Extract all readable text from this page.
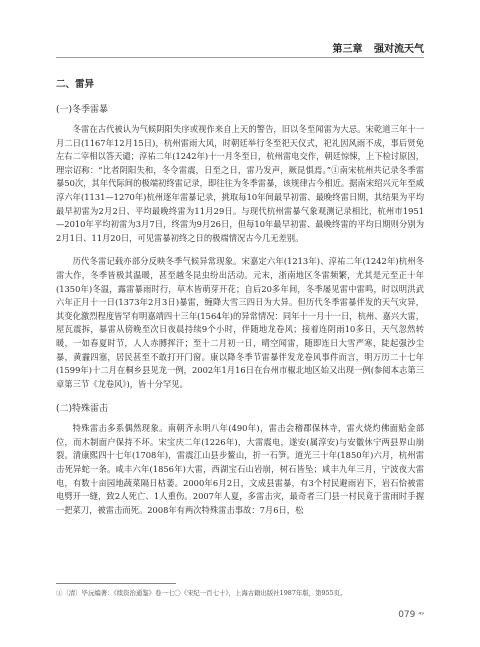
第三章 强对流天气
二、雷异
(一)冬季雷暴

冬雷在古代被认为气候阴阳失序或视作来自上天的警告，旧以冬至闻雷为大忌。宋乾道三年十一月二日(1167年12月15日)，杭州雷雨大风，时朝廷举行冬至祀天仪式，祀礼因风雨不成，事后贤免左右二宰相以答天谴；淳祐二年(1242年)十一月冬至日，杭州雷电交作，朝廷惊悚，上下检讨原因，理宗诏称：“比者阴阳失和，冬令雷震，日至之日，雷乃发声，厥昆惧焉。”①南宋杭州共记录冬季雷暴50次，其年代际间的极端初终雷记录，即往往为冬季雷暴，该规律古今相近。据南宋绍兴元年至咸淳六年(1131—1270年)杭州逐年雷暴记录，挑取每10年间最早初雷、最晚终雷日期，其结果为平均最早初雷为2月2日、平均最晚终雷为11月29日。与现代杭州雷暴气象观测记录相比，杭州市1951—2010年平均初雷为3月7日，终雷为9月26日，但每10年最早初雷、最晚终雷的平均日期则分别为2月1日、11月20日，可见雷暴初终之日的极端情况古今几无差别。

历代冬雷记载亦部分反映冬季气候异常现象。宋嘉定六年(1213年)、淳祐二年(1242年)杭州冬雷大作，冬季皆极其温暖，甚至越冬昆虫纷出活动。元末，浙南地区冬雷频繁，尤其是元至正十年(1350年)冬温，露雷暴雨时行，草木皆萌芽开花；自后20多年间，冬季屡见雷中雷鸣，时以明洪武六年正月十一日(1373年2月3日)暴雷，缠降大雪三四日为大异。但历代冬季雷暴伴发的天气灾异，其变化激烈程度皆罕有明嘉靖四十三年(1564年)的异常情况：同年十一月十一日，杭州、嘉兴大雷，屋瓦震拆，暴雷从傍晚至次日夜晨持续9个小时，伴随地龙卷风；接着连阴雨10多日，天气忽然转暖，一如春夏时节，人人赤膊挥汗；至十二月初一日，晴空闻雷，随即连日大雪严寒，陡起强沙尘暴，黄霾四塞，居民甚至不敢打开门窗。康以降冬季节雷暴伴发龙卷风事件而言，明万历二十七年(1599年)十二月在桐乡县见龙一例，2002年1月16日在台州市椒北地区始又出现一例(参阅本志第三章第三节《龙卷风》)，皆十分罕见。

(二)特殊雷击

特殊雷击多系偶然现象。南朝齐永明八年(490年)，雷击会稽郡保林寺，雷火烧灼佛面贴金部位，而木制面户保持不坏。宋宝庆二年(1226年)，大雷震电，遂安(属淳安)与安徽休宁两县界山崩裂。清康熙四十七年(1708年)，雷震江山县步鳌山，折一石笋。道光三十年(1850年)六月，杭州雷击死异蛇一条。咸丰六年(1856年)大雷，西湖宝石山岩崩，树石皆坠；咸丰九年三月，宁波夜大雷电，有数十亩园地蔬菜隔日枯萎。2000年6月2日，文成县雷暴，有3个村民避雨岩下，岩石恰被雷电劈开一缝，致2人死亡、1人重伤。2007年人夏，多雷击灾，最奇者三门县一村民竟于雷雨时手握一把菜刀，被雷击而死。2008年有两次特殊雷击事故：7月6日，松

①〔清〕毕沅编著：《续资治通鉴》卷一七〇《宋纪一百七十》，上海古籍出版社1987年版，第955页。
079 ⁴⁹
